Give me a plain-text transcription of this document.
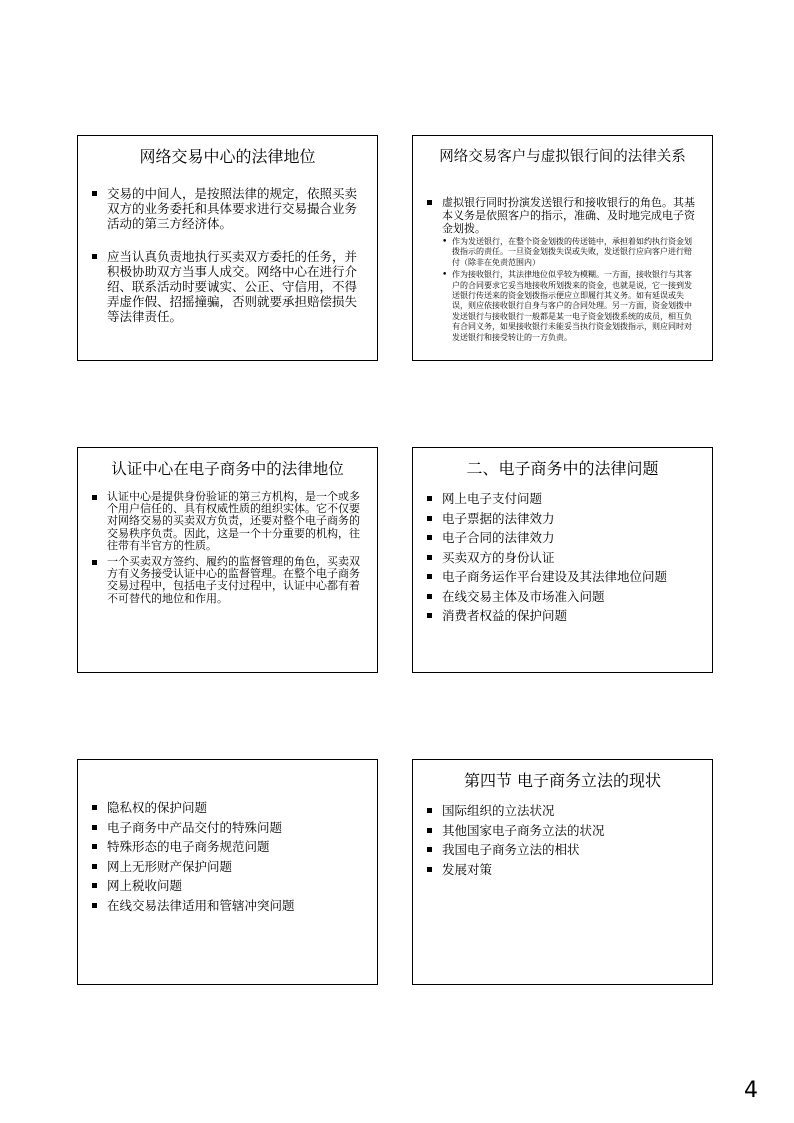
网络交易中心的法律地位
交易的中间人，是按照法律的规定，依照买卖双方的业务委托和具体要求进行交易撮合业务活动的第三方经济体。
应当认真负责地执行买卖双方委托的任务，并积极协助双方当事人成交。网络中心在进行介绍、联系活动时要诚实、公正、守信用，不得弄虚作假、招摇撞骗，否则就要承担赔偿损失等法律责任。
网络交易客户与虚拟银行间的法律关系
虚拟银行同时扮演发送银行和接收银行的角色。其基本义务是依照客户的指示，准确、及时地完成电子资金划拨。
• 作为发送银行，在整个资金划拨的传送链中，承担着如约执行资金划拨指示的责任。一旦资金划拨失误或失败，发送银行应向客户进行赔付（除非在免责范围内）
• 作为接收银行，其法律地位似乎较为模糊。一方面，接收银行与其客户的合同要求它妥当地接收所划拨来的资金，也就是说，它一接到发送银行传送来的资金划拨指示便应立即履行其义务。如有延误或失误，则应依接收银行自身与客户的合同处理。另一方面，资金划拨中发送银行与接收银行一般都是某一电子资金划拨系统的成员，相互负有合同义务，如果接收银行未能妥当执行资金划拨指示，则应同时对发送银行和接受转让的一方负责。
认证中心在电子商务中的法律地位
认证中心是提供身份验证的第三方机构，是一个或多个用户信任的、具有权威性质的组织实体。它不仅要对网络交易的买卖双方负责，还要对整个电子商务的交易秩序负责。因此，这是一个十分重要的机构，往往带有半官方的性质。
一个买卖双方签约、履约的监督管理的角色，买卖双方有义务接受认证中心的监督管理。在整个电子商务交易过程中，包括电子支付过程中，认证中心都有着不可替代的地位和作用。
二、电子商务中的法律问题
网上电子支付问题
电子票据的法律效力
电子合同的法律效力
买卖双方的身份认证
电子商务运作平台建设及其法律地位问题
在线交易主体及市场准入问题
消费者权益的保护问题
隐私权的保护问题
电子商务中产品交付的特殊问题
特殊形态的电子商务规范问题
网上无形财产保护问题
网上税收问题
在线交易法律适用和管辖冲突问题
第四节 电子商务立法的现状
国际组织的立法状况
其他国家电子商务立法的状况
我国电子商务立法的相状
发展对策
4
